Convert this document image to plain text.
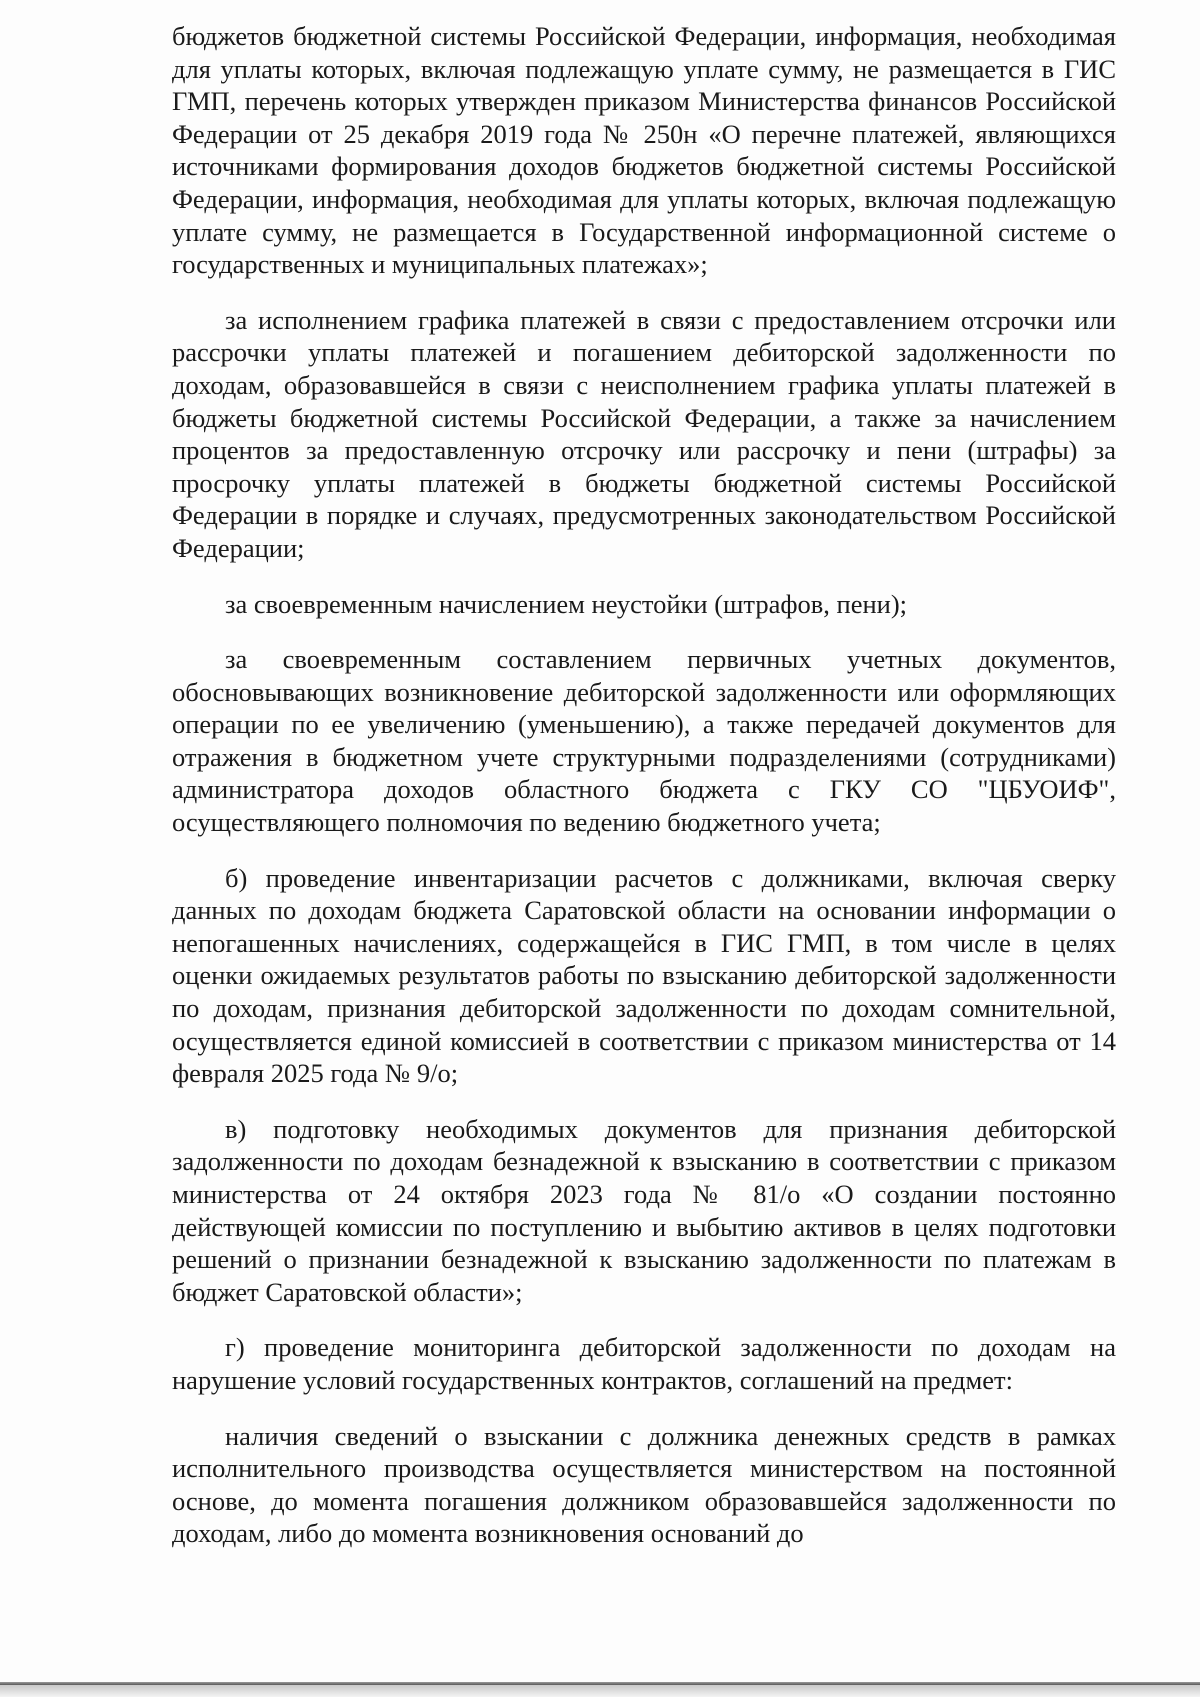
бюджетов бюджетной системы Российской Федерации, информация, необходимая для уплаты которых, включая подлежащую уплате сумму, не размещается в ГИС ГМП, перечень которых утвержден приказом Министерства финансов Российской Федерации от 25 декабря 2019 года № 250н «О перечне платежей, являющихся источниками формирования доходов бюджетов бюджетной системы Российской Федерации, информация, необходимая для уплаты которых, включая подлежащую уплате сумму, не размещается в Государственной информационной системе о государственных и муниципальных платежах»;

за исполнением графика платежей в связи с предоставлением отсрочки или рассрочки уплаты платежей и погашением дебиторской задолженности по доходам, образовавшейся в связи с неисполнением графика уплаты платежей в бюджеты бюджетной системы Российской Федерации, а также за начислением процентов за предоставленную отсрочку или рассрочку и пени (штрафы) за просрочку уплаты платежей в бюджеты бюджетной системы Российской Федерации в порядке и случаях, предусмотренных законодательством Российской Федерации;

за своевременным начислением неустойки (штрафов, пени);

за своевременным составлением первичных учетных документов, обосновывающих возникновение дебиторской задолженности или оформляющих операции по ее увеличению (уменьшению), а также передачей документов для отражения в бюджетном учете структурными подразделениями (сотрудниками) администратора доходов областного бюджета с ГКУ СО "ЦБУОИФ", осуществляющего полномочия по ведению бюджетного учета;

б) проведение инвентаризации расчетов с должниками, включая сверку данных по доходам бюджета Саратовской области на основании информации о непогашенных начислениях, содержащейся в ГИС ГМП, в том числе в целях оценки ожидаемых результатов работы по взысканию дебиторской задолженности по доходам, признания дебиторской задолженности по доходам сомнительной, осуществляется единой комиссией в соответствии с приказом министерства от 14 февраля 2025 года № 9/о;

в) подготовку необходимых документов для признания дебиторской задолженности по доходам безнадежной к взысканию в соответствии с приказом министерства от 24 октября 2023 года № 81/о «О создании постоянно действующей комиссии по поступлению и выбытию активов в целях подготовки решений о признании безнадежной к взысканию задолженности по платежам в бюджет Саратовской области»;

г) проведение мониторинга дебиторской задолженности по доходам на нарушение условий государственных контрактов, соглашений на предмет:

наличия сведений о взыскании с должника денежных средств в рамках исполнительного производства осуществляется министерством на постоянной основе, до момента погашения должником образовавшейся задолженности по доходам, либо до момента возникновения оснований до
